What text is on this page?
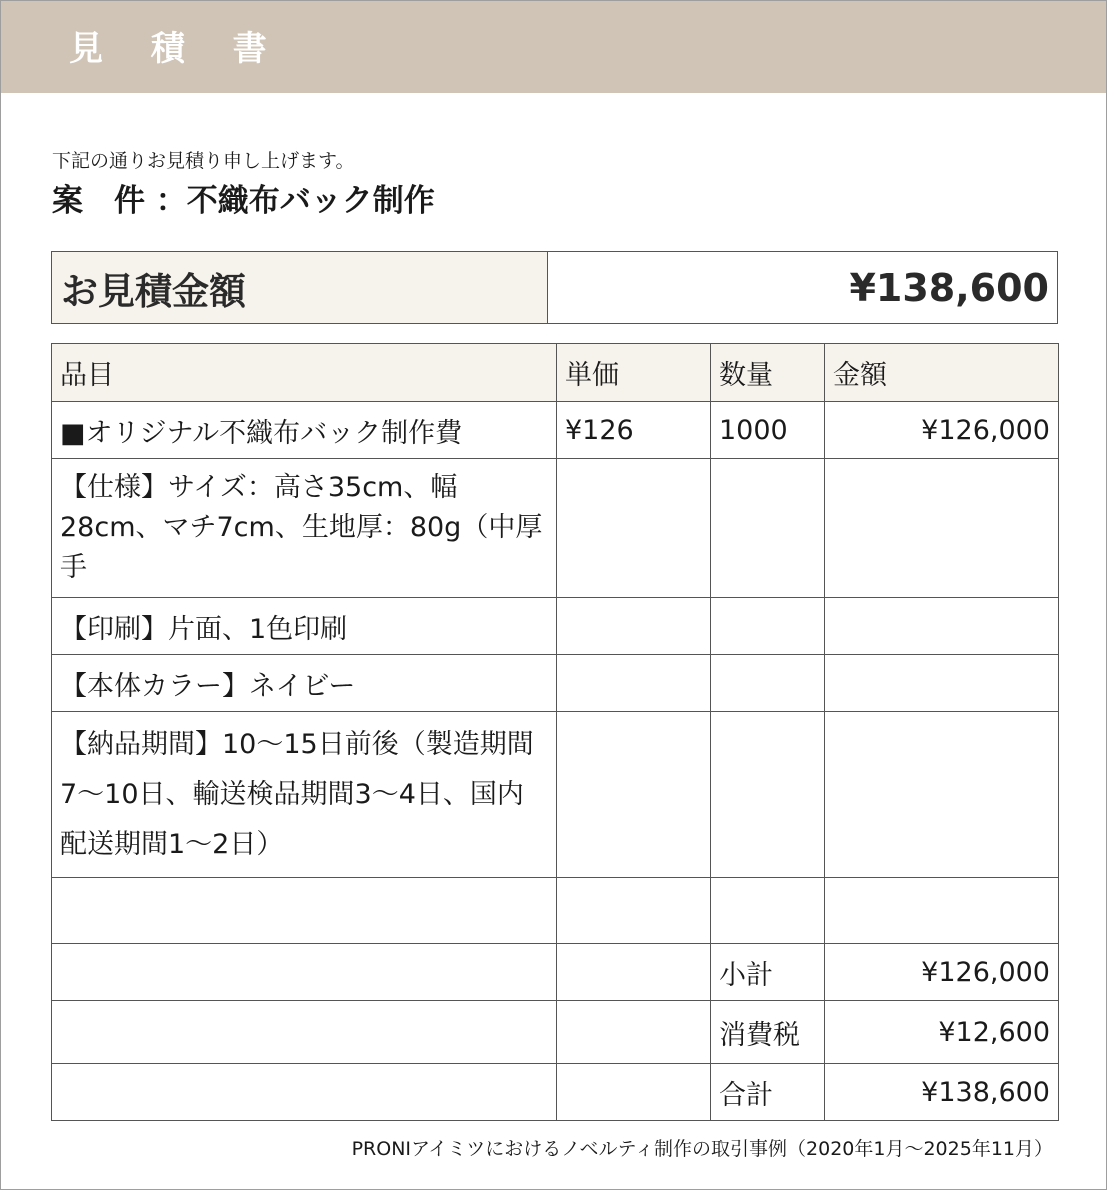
見 積 書
下記の通りお見積り申し上げます。
案　件 ：不織布バック制作
お見積金額	¥138,600
品目	単価	数量	金額
■オリジナル不織布バック制作費	¥126	1000	¥126,000
【仕様】サイズ：高さ35cm、幅28cm、マチ7cm、生地厚：80g（中厚手			
【印刷】片面、1色印刷			
【本体カラー】ネイビー			
【納品期間】10～15日前後（製造期間7～10日、輸送検品期間3～4日、国内配送期間1～2日）			

		小計	¥126,000
		消費税	¥12,600
		合計	¥138,600
PRONIアイミツにおけるノベルティ制作の取引事例（2020年1月～2025年11月）
